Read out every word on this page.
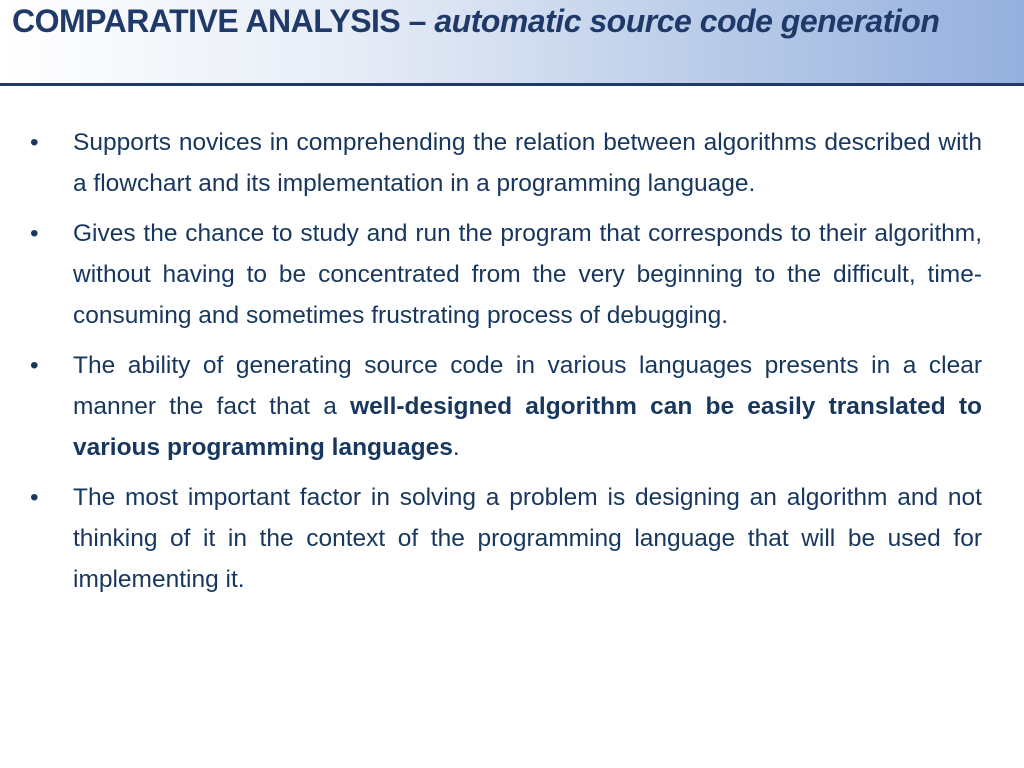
COMPARATIVE ANALYSIS – automatic source code generation
•	Supports novices in comprehending the relation between algorithms described with a flowchart and its implementation in a programming language.
•	Gives the chance to study and run the program that corresponds to their algorithm, without having to be concentrated from the very beginning to the difficult, time-consuming and sometimes frustrating process of debugging.
•	The ability of generating source code in various languages presents in a clear manner the fact that a well-designed algorithm can be easily translated to various programming languages.
•	The most important factor in solving a problem is designing an algorithm and not thinking of it in the context of the programming language that will be used for implementing it.
